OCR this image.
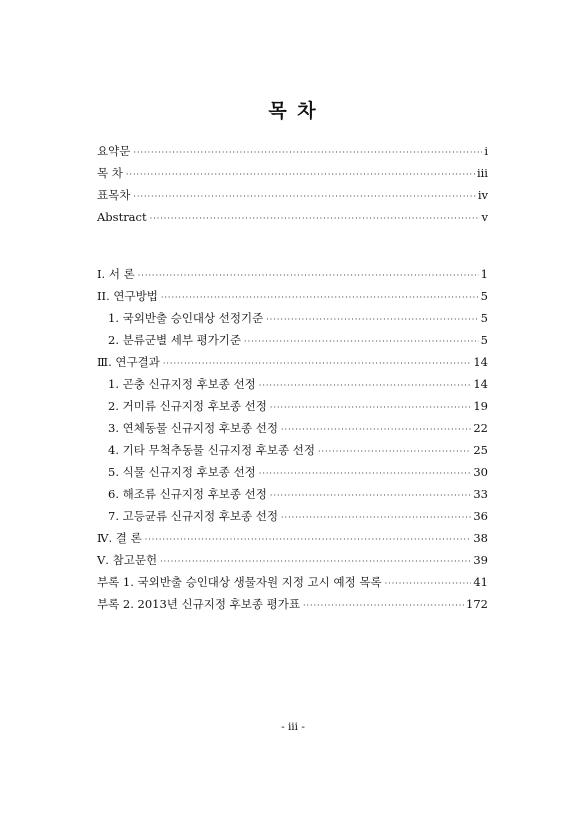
목 차
요약문 ·····	i
목 차 ·····	iii
표목차 ·····	iv
Abstract ·····	v
I. 서 론 ·····	1
II. 연구방법 ·····	5
1. 국외반출 승인대상 선정기준 ·····	5
2. 분류군별 세부 평가기준 ·····	5
Ⅲ. 연구결과 ·····	14
1. 곤충 신규지정 후보종 선정 ·····	14
2. 거미류 신규지정 후보종 선정 ·····	19
3. 연체동물 신규지정 후보종 선정 ·····	22
4. 기타 무척추동물 신규지정 후보종 선정 ·····	25
5. 식물 신규지정 후보종 선정 ·····	30
6. 해조류 신규지정 후보종 선정 ·····	33
7. 고등균류 신규지정 후보종 선정 ·····	36
Ⅳ. 결 론 ·····	38
Ⅴ. 참고문헌 ·····	39
부록 1. 국외반출 승인대상 생물자원 지정 고시 예정 목록 ·····	41
부록 2. 2013년 신규지정 후보종 평가표 ·····	172
- iii -
